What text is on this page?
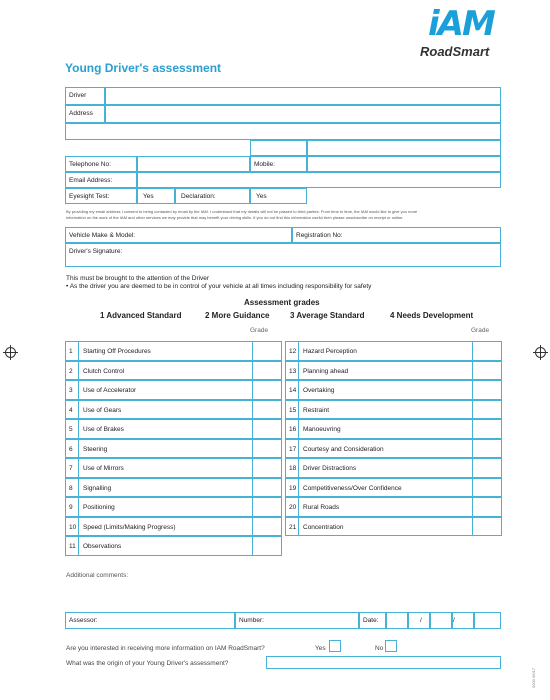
iAM
RoadSmart
Young Driver's assessment
Driver
Address
Telephone No:	Mobile:
Email Address:
Eyesight Test:	Yes	Declaration:	Yes
By providing my email address I consent to being contacted by email by the IAM. I understand that my details will not be passed to third parties. From time to time, the IAM would like to give you more
information on the work of the IAM and other services we may provide that may benefit your driving skills. If you do not find this information useful then please unsubscribe on receipt or online.
Vehicle Make & Model:	Registration No:
Driver's Signature:
This must be brought to the attention of the Driver
• As the driver you are deemed to be in control of your vehicle at all times including responsibility for safety
Assessment grades
1 Advanced Standard	2 More Guidance	3 Average Standard	4 Needs Development
Grade	Grade
1 Starting Off Procedures
2 Clutch Control
3 Use of Accelerator
4 Use of Gears
5 Use of Brakes
6 Steering
7 Use of Mirrors
8 Signalling
9 Positioning
10 Speed (Limits/Making Progress)
11 Observations
12 Hazard Perception
13 Planning ahead
14 Overtaking
15 Restraint
16 Manoeuvring
17 Courtesy and Consideration
18 Driver Distractions
19 Competitiveness/Over Confidence
20 Rural Roads
21 Concentration
Additional comments:
Assessor:	Number:	Date:	/	/
Are you interested in receiving more information on IAM RoadSmart?	Yes	No
What was the origin of your Young Driver's assessment?
0000 06/17
